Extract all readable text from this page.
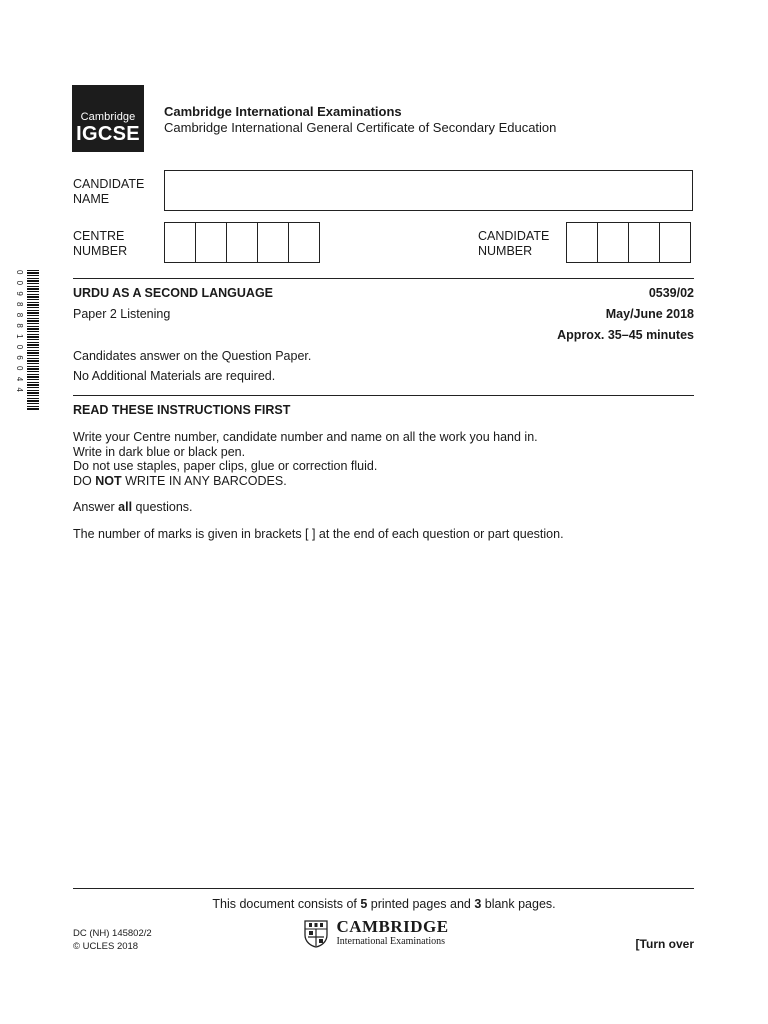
Cambridge
IGCSE
Cambridge International Examinations
Cambridge International General Certificate of Secondary Education
CANDIDATE
NAME
CENTRE
NUMBER
CANDIDATE
NUMBER
0 0 9 8 8 8 1 0 6 0 4 4	URDU AS A SECOND LANGUAGE	0539/02
Paper 2 Listening	May/June 2018
Approx. 35–45 minutes
Candidates answer on the Question Paper.
No Additional Materials are required.
READ THESE INSTRUCTIONS FIRST
Write your Centre number, candidate number and name on all the work you hand in.
Write in dark blue or black pen.
Do not use staples, paper clips, glue or correction fluid.
DO NOT WRITE IN ANY BARCODES.
Answer all questions.
The number of marks is given in brackets [ ] at the end of each question or part question.
This document consists of 5 printed pages and 3 blank pages.
DC (NH) 145802/2
© UCLES 2018
CAMBRIDGE
International Examinations	[Turn over
